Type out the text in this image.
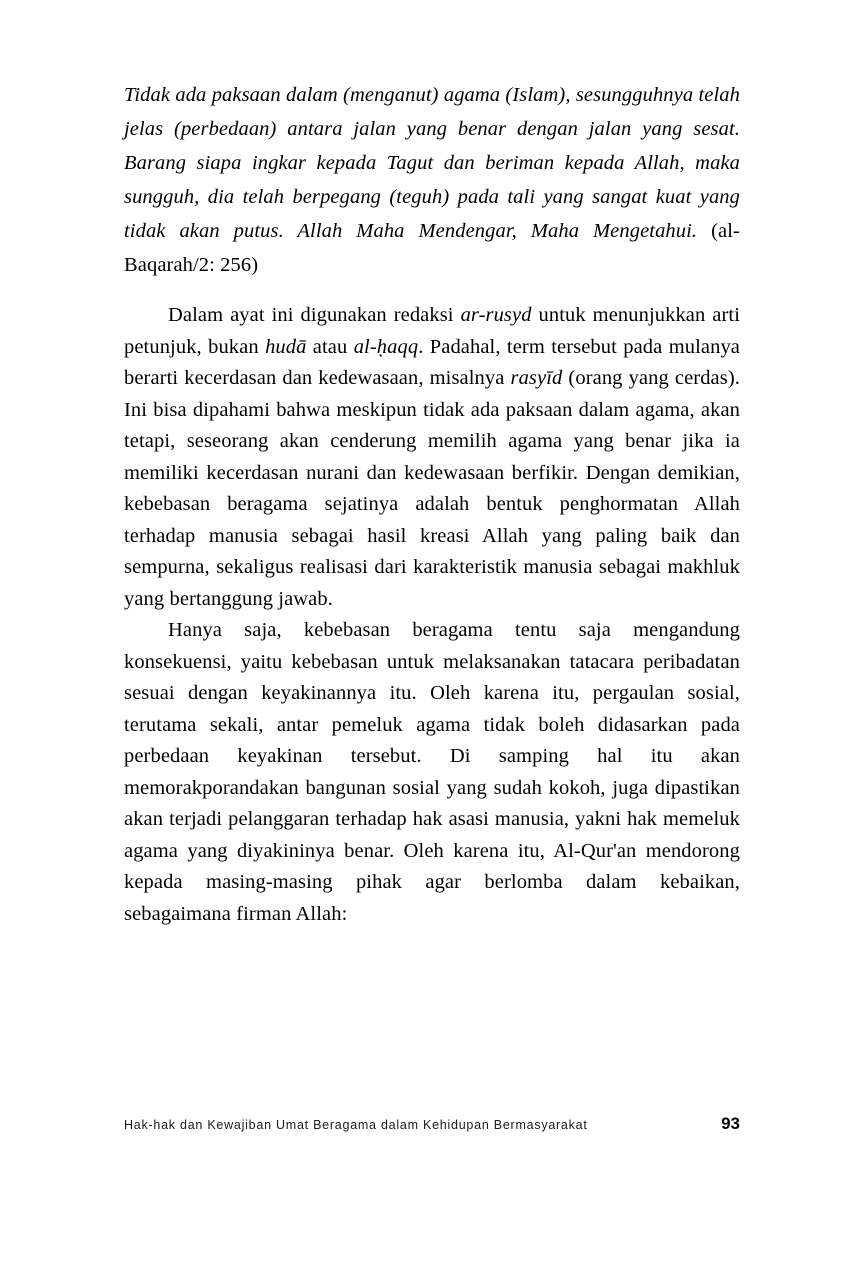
Tidak ada paksaan dalam (menganut) agama (Islam), sesungguhnya telah jelas (perbedaan) antara jalan yang benar dengan jalan yang sesat. Barang siapa ingkar kepada Tagut dan beriman kepada Allah, maka sungguh, dia telah berpegang (teguh) pada tali yang sangat kuat yang tidak akan putus. Allah Maha Mendengar, Maha Mengetahui. (al-Baqarah/2: 256)

Dalam ayat ini digunakan redaksi ar-rusyd untuk menunjukkan arti petunjuk, bukan hudā atau al-ḥaqq. Padahal, term tersebut pada mulanya berarti kecerdasan dan kedewasaan, misalnya rasyīd (orang yang cerdas). Ini bisa dipahami bahwa meskipun tidak ada paksaan dalam agama, akan tetapi, seseorang akan cenderung memilih agama yang benar jika ia memiliki kecerdasan nurani dan kedewasaan berfikir. Dengan demikian, kebebasan beragama sejatinya adalah bentuk penghormatan Allah terhadap manusia sebagai hasil kreasi Allah yang paling baik dan sempurna, sekaligus realisasi dari karakteristik manusia sebagai makhluk yang bertanggung jawab.

Hanya saja, kebebasan beragama tentu saja mengandung konsekuensi, yaitu kebebasan untuk melaksanakan tatacara peribadatan sesuai dengan keyakinannya itu. Oleh karena itu, pergaulan sosial, terutama sekali, antar pemeluk agama tidak boleh didasarkan pada perbedaan keyakinan tersebut. Di samping hal itu akan memorakporandakan bangunan sosial yang sudah kokoh, juga dipastikan akan terjadi pelanggaran terhadap hak asasi manusia, yakni hak memeluk agama yang diyakininya benar. Oleh karena itu, Al-Qur'an mendorong kepada masing-masing pihak agar berlomba dalam kebaikan, sebagaimana firman Allah:

Hak-hak dan Kewajiban Umat Beragama dalam Kehidupan Bermasyarakat	93
